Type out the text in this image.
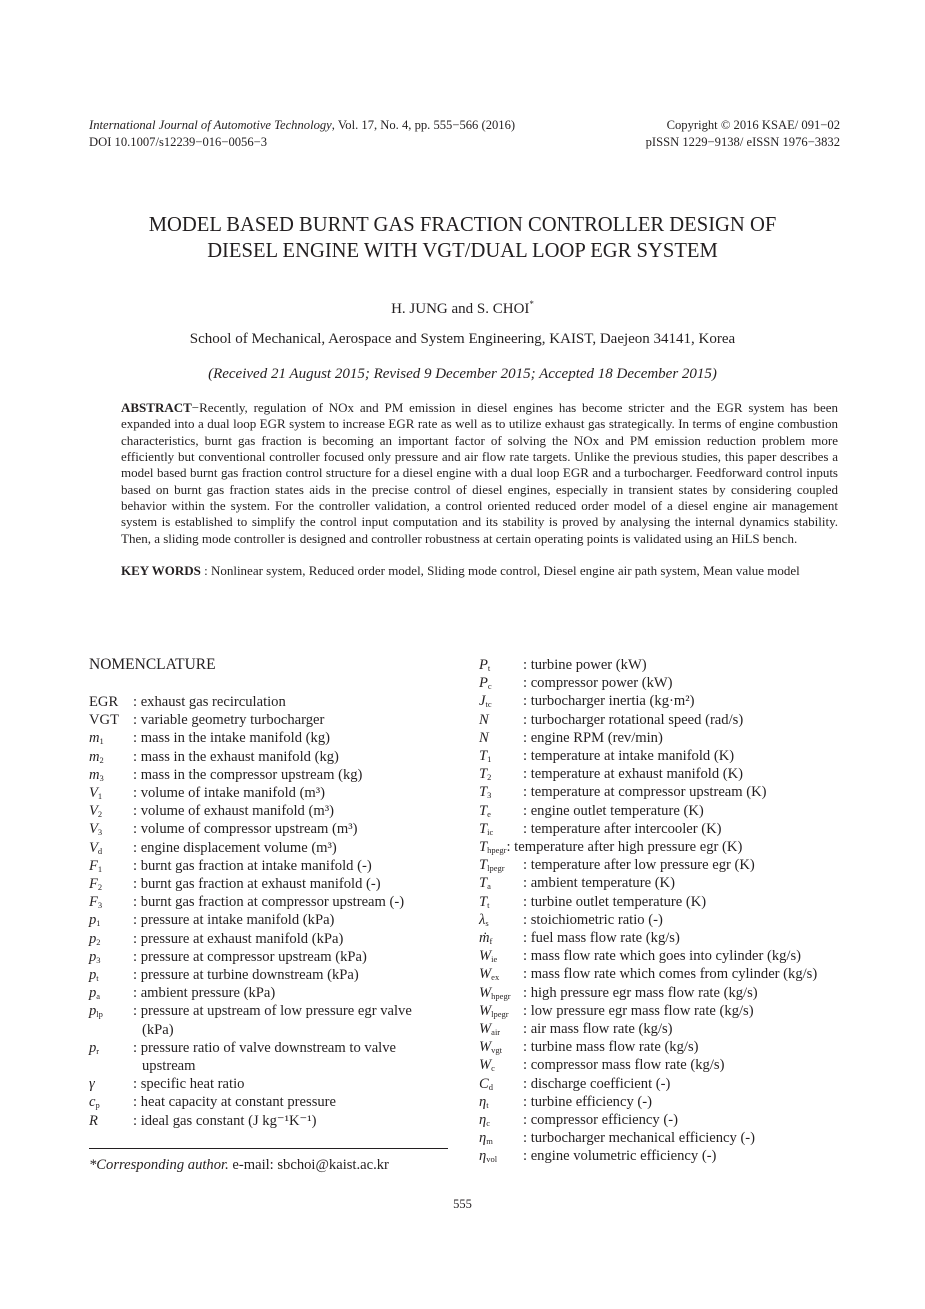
International Journal of Automotive Technology, Vol. 17, No. 4, pp. 555−566 (2016)
DOI 10.1007/s12239−016−0056−3
Copyright © 2016 KSAE/ 091−02
pISSN 1229−9138/ eISSN 1976−3832
MODEL BASED BURNT GAS FRACTION CONTROLLER DESIGN OF
DIESEL ENGINE WITH VGT/DUAL LOOP EGR SYSTEM
H. JUNG and S. CHOI*
School of Mechanical, Aerospace and System Engineering, KAIST, Daejeon 34141, Korea
(Received 21 August 2015; Revised 9 December 2015; Accepted 18 December 2015)

ABSTRACT−Recently, regulation of NOx and PM emission in diesel engines has become stricter and the EGR system has been expanded into a dual loop EGR system to increase EGR rate as well as to utilize exhaust gas strategically. In terms of engine combustion characteristics, burnt gas fraction is becoming an important factor of solving the NOx and PM emission reduction problem more efficiently but conventional controller focused only pressure and air flow rate targets. Unlike the previous studies, this paper describes a model based burnt gas fraction control structure for a diesel engine with a dual loop EGR and a turbocharger. Feedforward control inputs based on burnt gas fraction states aids in the precise control of diesel engines, especially in transient states by considering coupled behavior within the system. For the controller validation, a control oriented reduced order model of a diesel engine air management system is established to simplify the control input computation and its stability is proved by analysing the internal dynamics stability. Then, a sliding mode controller is designed and controller robustness at certain operating points is validated using an HiLS bench.

KEY WORDS : Nonlinear system, Reduced order model, Sliding mode control, Diesel engine air path system, Mean value model

NOMENCLATURE
EGR	: exhaust gas recirculation
VGT : variable geometry turbocharger
$m_1$	: mass in the intake manifold (kg)
$m_2$	: mass in the exhaust manifold (kg)
$m_3$	: mass in the compressor upstream (kg)
$V_1$	: volume of intake manifold (m³)
$V_2$	: volume of exhaust manifold (m³)
$V_3$	: volume of compressor upstream (m³)
$V_d$	: engine displacement volume (m³)
$F_1$	: burnt gas fraction at intake manifold (-)
$F_2$	: burnt gas fraction at exhaust manifold (-)
$F_3$	: burnt gas fraction at compressor upstream (-)
$p_1$	: pressure at intake manifold (kPa)
$p_2$	: pressure at exhaust manifold (kPa)
$p_3$	: pressure at compressor upstream (kPa)
$p_t$	: pressure at turbine downstream (kPa)
$p_a$	: ambient pressure (kPa)
$p_{lp}$	: pressure at upstream of low pressure egr valve
(kPa)
$p_r$	: pressure ratio of valve downstream to valve
upstream
γ	: specific heat ratio
$c_p$	: heat capacity at constant pressure
R	: ideal gas constant (J kg⁻¹K⁻¹)
*Corresponding author. e-mail: sbchoi@kaist.ac.kr
$P_t$	: turbine power (kW)
$P_c$	: compressor power (kW)
$J_{tc}$	: turbocharger inertia (kg·m²)
N	: turbocharger rotational speed (rad/s)
N	: engine RPM (rev/min)
$T_1$	: temperature at intake manifold (K)
$T_2$	: temperature at exhaust manifold (K)
$T_3$	: temperature at compressor upstream (K)
$T_e$	: engine outlet temperature (K)
$T_{ic}$	: temperature after intercooler (K)
$T_{hpegr}$ : temperature after high pressure egr (K)
$T_{lpegr}$	: temperature after low pressure egr (K)
$T_a$	: ambient temperature (K)
$T_t$	: turbine outlet temperature (K)
$\lambda_s$	: stoichiometric ratio (-)
ṁ$_f$	: fuel mass flow rate (kg/s)
$W_{ie}$	: mass flow rate which goes into cylinder (kg/s)
$W_{ex}$	: mass flow rate which comes from cylinder (kg/s)
$W_{hpegr}$ : high pressure egr mass flow rate (kg/s)
$W_{lpegr}$ : low pressure egr mass flow rate (kg/s)
$W_{air}$	: air mass flow rate (kg/s)
$W_{vgt}$	: turbine mass flow rate (kg/s)
$W_c$	: compressor mass flow rate (kg/s)
$C_d$	: discharge coefficient (-)
$\eta_t$	: turbine efficiency (-)
$\eta_c$	: compressor efficiency (-)
$\eta_m$	: turbocharger mechanical efficiency (-)
$\eta_{vol}$	: engine volumetric efficiency (-)
555
